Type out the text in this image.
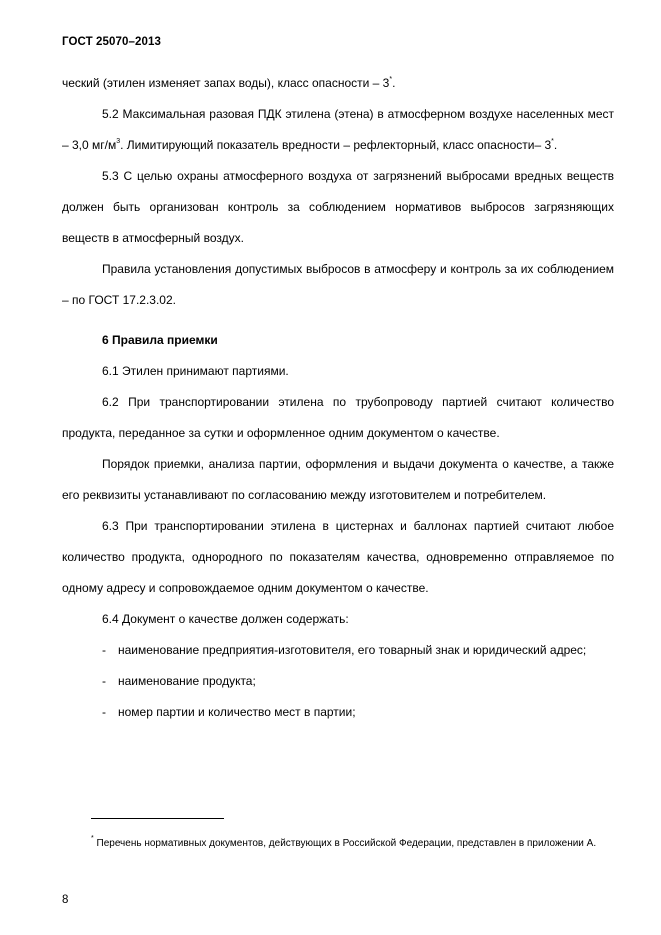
ГОСТ 25070–2013

ческий (этилен изменяет запах воды), класс опасности – 3*.

5.2 Максимальная разовая ПДК этилена (этена) в атмосферном воздухе населенных мест – 3,0 $мг/м^3$. Лимитирующий показатель вредности – рефлекторный, класс опасности– 3*.

5.3 С целью охраны атмосферного воздуха от загрязнений выбросами вредных веществ должен быть организован контроль за соблюдением нормативов выбросов загрязняющих веществ в атмосферный воздух.

Правила установления допустимых выбросов в атмосферу и контроль за их соблюдением – по ГОСТ 17.2.3.02.

6 Правила приемки

6.1 Этилен принимают партиями.

6.2 При транспортировании этилена по трубопроводу партией считают количество продукта, переданное за сутки и оформленное одним документом о качестве.

Порядок приемки, анализа партии, оформления и выдачи документа о качестве, а также его реквизиты устанавливают по согласованию между изготовителем и потребителем.

6.3 При транспортировании этилена в цистернах и баллонах партией считают любое количество продукта, однородного по показателям качества, одновременно отправляемое по одному адресу и сопровождаемое одним документом о качестве.

6.4 Документ о качестве должен содержать:

- наименование предприятия-изготовителя, его товарный знак и юридический адрес;

- наименование продукта;

- номер партии и количество мест в партии;

* Перечень нормативных документов, действующих в Российской Федерации, представлен в приложении А.

8
